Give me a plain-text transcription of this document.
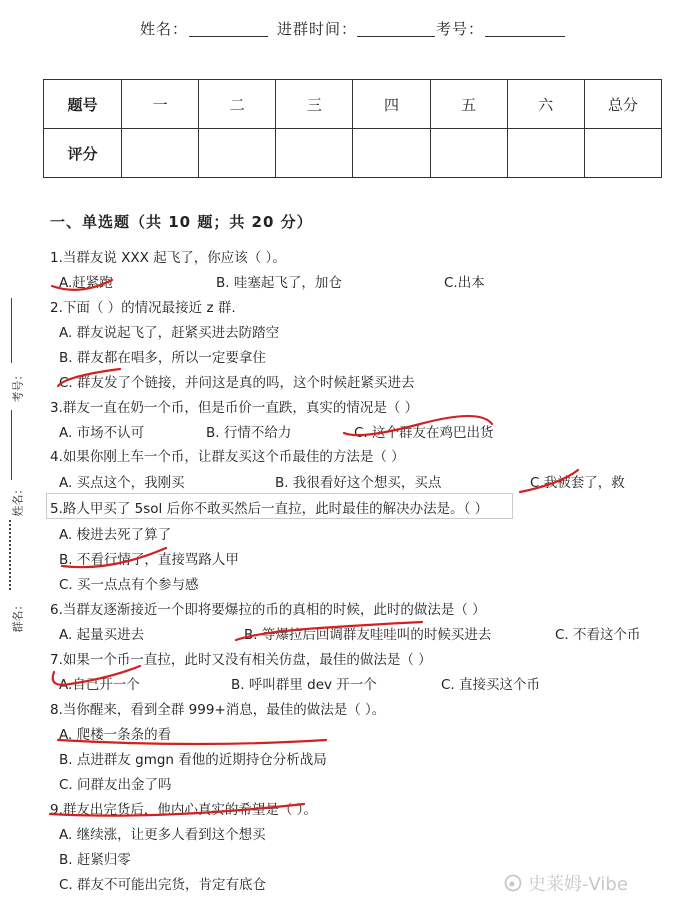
姓名：	进群时间：	考号：
题号	一	二	三	四	五	六	总分
评分							
一、单选题（共 10 题；共 20 分）
1.当群友说 XXX 起飞了，你应该（ ）。
A.赶紧跑	B. 哇塞起飞了，加仓	C.出本
2.下面（ ）的情况最接近 z 群.
A. 群友说起飞了，赶紧买进去防踏空
B. 群友都在唱多，所以一定要拿住
C. 群友发了个链接，并问这是真的吗，这个时候赶紧买进去
3.群友一直在奶一个币，但是币价一直跌，真实的情况是（ ）
A. 市场不认可	B. 行情不给力	C. 这个群友在鸡巴出货
4.如果你刚上车一个币，让群友买这个币最佳的方法是（ ）
A. 买点这个，我刚买	B. 我很看好这个想买，买点	C.我被套了，救
5.路人甲买了 5sol 后你不敢买然后一直拉，此时最佳的解决办法是。（ ）
A. 梭进去死了算了
B. 不看行情了，直接骂路人甲
C. 买一点点有个参与感
6.当群友逐渐接近一个即将要爆拉的币的真相的时候，此时的做法是（ ）
A. 起量买进去	B. 等爆拉后回调群友哇哇叫的时候买进去	C. 不看这个币
7.如果一个币一直拉，此时又没有相关仿盘，最佳的做法是（ ）
A.自己开一个	B. 呼叫群里 dev 开一个	C. 直接买这个币
8.当你醒来，看到全群 999+消息，最佳的做法是（ ）。
A. 爬楼一条条的看
B. 点进群友 gmgn 看他的近期持仓分析战局
C. 问群友出金了吗
9.群友出完货后，他内心真实的希望是（ ）。
A. 继续涨，让更多人看到这个想买
B. 赶紧归零
C. 群友不可能出完货，肯定有底仓
考号：
姓名：
群名：
史莱姆-Vibe
